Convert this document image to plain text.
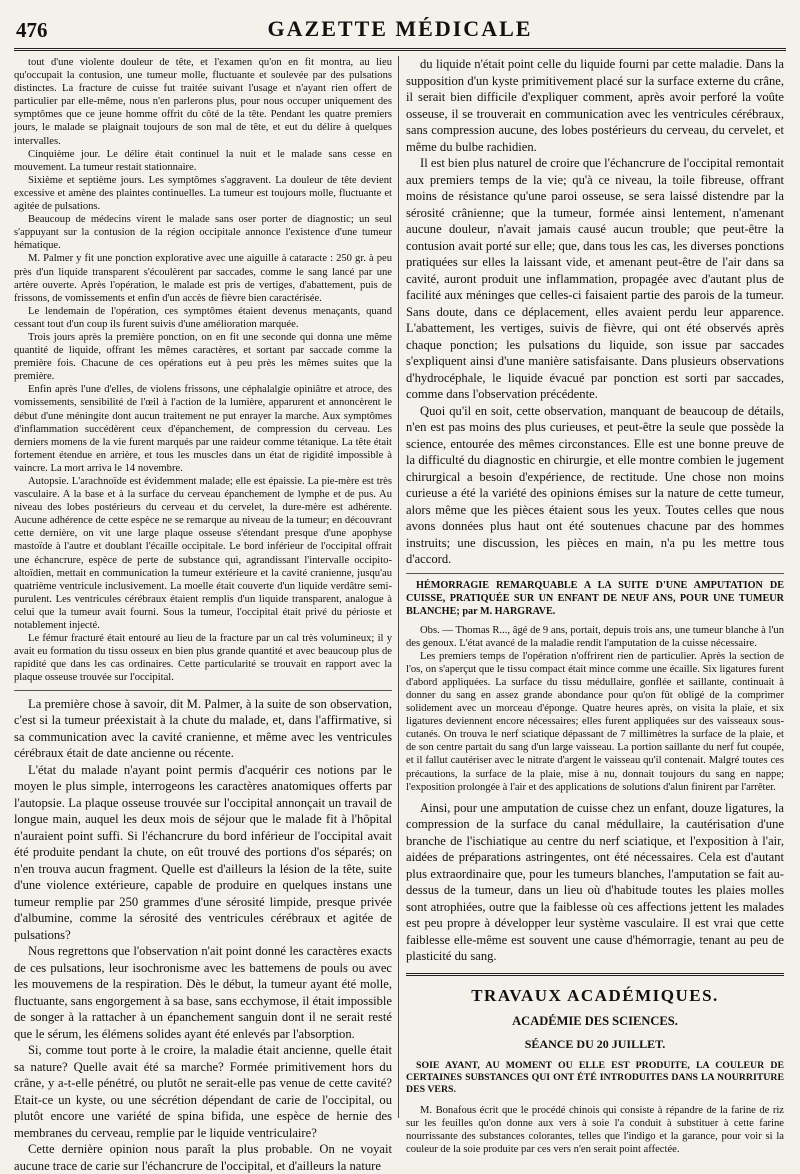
476	GAZETTE MÉDICALE

tout d'une violente douleur de tête, et l'examen qu'on en fit montra, au lieu qu'occupait la contusion, une tumeur molle, fluctuante et soulevée par des pulsations distinctes. La fracture de cuisse fut traitée suivant l'usage et n'ayant rien offert de particulier par elle-même, nous n'en parlerons plus, pour nous occuper uniquement des symptômes que ce jeune homme offrit du côté de la tête. Pendant les quatre premiers jours, le malade se plaignait toujours de son mal de tête, et eut du délire à quelques intervalles.

Cinquième jour. Le délire était continuel la nuit et le malade sans cesse en mouvement. La tumeur restait stationnaire.

Sixième et septième jours. Les symptômes s'aggravent. La douleur de tête devient excessive et amène des plaintes continuelles. La tumeur est toujours molle, fluctuante et agitée de pulsations.

Beaucoup de médecins virent le malade sans oser porter de diagnostic; un seul s'appuyant sur la contusion de la région occipitale annonce l'existence d'une tumeur hématique.

M. Palmer y fit une ponction explorative avec une aiguille à cataracte : 250 gr. à peu près d'un liquide transparent s'écoulèrent par saccades, comme le sang lancé par une artère ouverte. Après l'opération, le malade est pris de vertiges, d'abattement, puis de frissons, de vomissements et enfin d'un accès de fièvre bien caractérisée.

Le lendemain de l'opération, ces symptômes étaient devenus menaçants, quand cessant tout d'un coup ils furent suivis d'une amélioration marquée.

Trois jours après la première ponction, on en fit une seconde qui donna une même quantité de liquide, offrant les mêmes caractères, et sortant par saccade comme la première fois. Chacune de ces opérations eut à peu près les mêmes suites que la première.

Enfin après l'une d'elles, de violens frissons, une céphalalgie opiniâtre et atroce, des vomissements, sensibilité de l'œil à l'action de la lumière, apparurent et annoncèrent le début d'une méningite dont aucun traitement ne put enrayer la marche. Aux symptômes d'inflammation succédèrent ceux d'épanchement, de compression du cerveau. Les derniers momens de la vie furent marqués par une raideur comme tétanique. La tête était fortement étendue en arrière, et tous les muscles dans un état de rigidité impossible à vaincre. La mort arriva le 14 novembre.

Autopsie. L'arachnoïde est évidemment malade; elle est épaissie. La pie-mère est très vasculaire. A la base et à la surface du cerveau épanchement de lymphe et de pus. Au niveau des lobes postérieurs du cerveau et du cervelet, la dure-mère est adhérente. Aucune adhérence de cette espèce ne se remarque au niveau de la tumeur; en découvrant cette dernière, on vit une large plaque osseuse s'étendant presque d'une apophyse mastoïde à l'autre et doublant l'écaille occipitale. Le bord inférieur de l'occipital offrait une échancrure, espèce de perte de substance qui, agrandissant l'intervalle occipito-altoïdien, mettait en communication la tumeur extérieure et la cavité cranienne, jusqu'au quatrième ventricule inclusivement. La moelle était couverte d'un liquide verdâtre semi-purulent. Les ventricules cérébraux étaient remplis d'un liquide transparent, analogue à celui que la tumeur avait fourni. Sous la tumeur, l'occipital était privé du périoste et notablement injecté.

Le fémur fracturé était entouré au lieu de la fracture par un cal très volumineux; il y avait eu formation du tissu osseux en bien plus grande quantité et avec beaucoup plus de rapidité que dans les cas ordinaires. Cette particularité se trouvait en rapport avec la plaque osseuse trouvée sur l'occipital.

La première chose à savoir, dit M. Palmer, à la suite de son observation, c'est si la tumeur préexistait à la chute du malade, et, dans l'affirmative, si sa communication avec la cavité cranienne, et même avec les ventricules cérébraux était de date ancienne ou récente.

L'état du malade n'ayant point permis d'acquérir ces notions par le moyen le plus simple, interrogeons les caractères anatomiques offerts par l'autopsie. La plaque osseuse trouvée sur l'occipital annonçait un travail de longue main, auquel les deux mois de séjour que le malade fit à l'hôpital n'auraient point suffi. Si l'échancrure du bord inférieur de l'occipital avait été produite pendant la chute, on eût trouvé des portions d'os séparés; on n'en trouva aucun fragment. Quelle est d'ailleurs la lésion de la tête, suite d'une violence extérieure, capable de produire en quelques instans une tumeur remplie par 250 grammes d'une sérosité limpide, presque privée d'albumine, comme la sérosité des ventricules cérébraux et agitée de pulsations?

Nous regrettons que l'observation n'ait point donné les caractères exacts de ces pulsations, leur isochronisme avec les battemens de pouls ou avec les mouvemens de la respiration. Dès le début, la tumeur ayant été molle, fluctuante, sans engorgement à sa base, sans ecchymose, il était impossible de songer à la rattacher à un épanchement sanguin dont il ne serait resté que le sérum, les élémens solides ayant été enlevés par l'absorption.

Si, comme tout porte à le croire, la maladie était ancienne, quelle était sa nature? Quelle avait été sa marche? Formée primitivement hors du crâne, y a-t-elle pénétré, ou plutôt ne serait-elle pas venue de cette cavité? Etait-ce un kyste, ou une sécrétion dépendant de carie de l'occipital, ou plutôt encore une variété de spina bifida, une espèce de hernie des membranes du cerveau, remplie par le liquide ventriculaire?

Cette dernière opinion nous paraît la plus probable. On ne voyait aucune trace de carie sur l'échancrure de l'occipital, et d'ailleurs la nature

du liquide n'était point celle du liquide fourni par cette maladie. Dans la supposition d'un kyste primitivement placé sur la surface externe du crâne, il serait bien difficile d'expliquer comment, après avoir perforé la voûte osseuse, il se trouverait en communication avec les ventricules cérébraux, sans compression aucune, des lobes postérieurs du cerveau, du cervelet, et même du bulbe rachidien.

Il est bien plus naturel de croire que l'échancrure de l'occipital remontait aux premiers temps de la vie; qu'à ce niveau, la toile fibreuse, offrant moins de résistance qu'une paroi osseuse, se sera laissé distendre par la sérosité crânienne; que la tumeur, formée ainsi lentement, n'amenant aucune douleur, n'avait jamais causé aucun trouble; que peut-être la contusion avait porté sur elle; que, dans tous les cas, les diverses ponctions pratiquées sur elles la laissant vide, et amenant peut-être de l'air dans sa cavité, auront produit une inflammation, propagée avec d'autant plus de facilité aux méninges que celles-ci faisaient partie des parois de la tumeur. Sans doute, dans ce déplacement, elles avaient perdu leur apparence. L'abattement, les vertiges, suivis de fièvre, qui ont été observés après chaque ponction; les pulsations du liquide, son issue par saccades s'expliquent ainsi d'une manière satisfaisante. Dans plusieurs observations d'hydrocéphale, le liquide évacué par ponction est sorti par saccades, comme dans l'observation précédente.

Quoi qu'il en soit, cette observation, manquant de beaucoup de détails, n'en est pas moins des plus curieuses, et peut-être la seule que possède la science, entourée des mêmes circonstances. Elle est une bonne preuve de la difficulté du diagnostic en chirurgie, et elle montre combien le jugement chirurgical a besoin d'expérience, de rectitude. Une chose non moins curieuse a été la variété des opinions émises sur la nature de cette tumeur, alors même que les pièces étaient sous les yeux. Toutes celles que nous avons données plus haut ont été soutenues chacune par des hommes instruits; une discussion, les pièces en main, n'a pu les mettre tous d'accord.

HÉMORRAGIE REMARQUABLE A LA SUITE D'UNE AMPUTATION DE CUISSE, PRATIQUÉE SUR UN ENFANT DE NEUF ANS, POUR UNE TUMEUR BLANCHE; par M. HARGRAVE.

Obs. — Thomas R..., âgé de 9 ans, portait, depuis trois ans, une tumeur blanche à l'un des genoux. L'état avancé de la maladie rendit l'amputation de la cuisse nécessaire.

Les premiers temps de l'opération n'offrirent rien de particulier. Après la section de l'os, on s'aperçut que le tissu compact était mince comme une écaille. Six ligatures furent d'abord appliquées. La surface du tissu médullaire, gonflée et saillante, continuait à donner du sang en assez grande abondance pour qu'on fût obligé de la comprimer solidement avec un morceau d'éponge. Quatre heures après, on visita la plaie, et six ligatures deviennent encore nécessaires; elles furent appliquées sur des vaisseaux sous-cutanés. On trouva le nerf sciatique dépassant de 7 millimètres la surface de la plaie, et de son centre partait du sang d'un large vaisseau. La portion saillante du nerf fut coupée, et il fallut cautériser avec le nitrate d'argent le vaisseau qu'il contenait. Malgré toutes ces précautions, la surface de la plaie, mise à nu, donnait toujours du sang en nappe; l'exposition prolongée à l'air et des applications de solutions d'alun finirent par l'arrêter.

Ainsi, pour une amputation de cuisse chez un enfant, douze ligatures, la compression de la surface du canal médullaire, la cautérisation d'une branche de l'ischiatique au centre du nerf sciatique, et l'exposition à l'air, aidées de préparations astringentes, ont été nécessaires. Cela est d'autant plus extraordinaire que, pour les tumeurs blanches, l'amputation se fait au-dessus de la tumeur, dans un lieu où d'habitude toutes les plaies molles sont atrophiées, outre que la faiblesse où ces affections jettent les malades est peu propre à développer leur système vasculaire. Il est vrai que cette faiblesse elle-même est souvent une cause d'hémorragie, tenant au peu de plasticité du sang.

TRAVAUX ACADÉMIQUES.
ACADÉMIE DES SCIENCES.
SÉANCE DU 20 JUILLET.
SOIE AYANT, AU MOMENT OU ELLE EST PRODUITE, LA COULEUR DE CERTAINES SUBSTANCES QUI ONT ÉTÉ INTRODUITES DANS LA NOURRITURE DES VERS.

M. Bonafous écrit que le procédé chinois qui consiste à répandre de la farine de riz sur les feuilles qu'on donne aux vers à soie l'a conduit à substituer à cette farine nourrissante des substances colorantes, telles que l'indigo et la garance, pour voir si la couleur de la soie produite par ces vers n'en serait point affectée.
